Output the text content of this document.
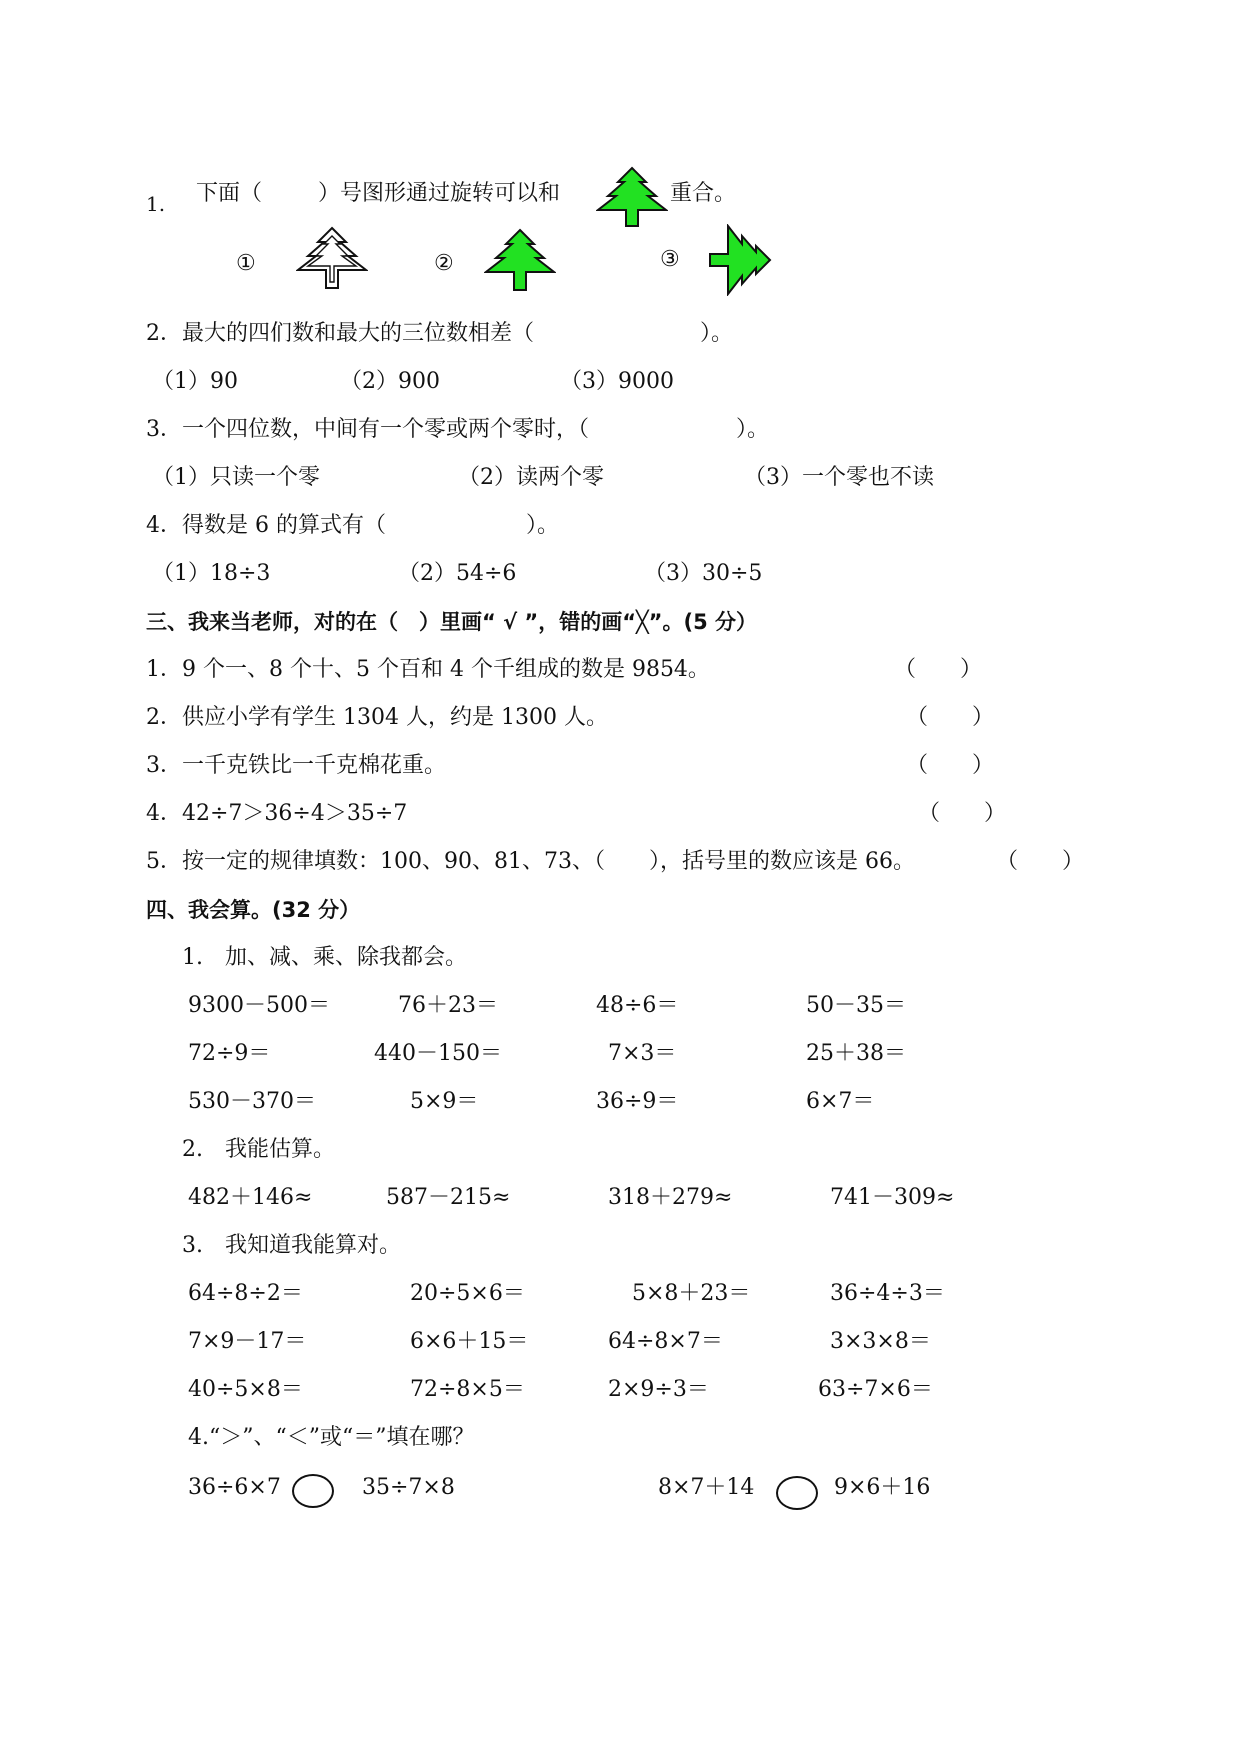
1. 下面（	）号图形通过旋转可以和	重合。
①	②	③
2．最大的四们数和最大的三位数相差（	）。
（1）90	（2）900	（3）9000
3．一个四位数，中间有一个零或两个零时，（	）。
（1）只读一个零	（2）读两个零	（3）一个零也不读
4．得数是 6 的算式有（	）。
（1）18÷3	（2）54÷6	（3）30÷5
三、我来当老师，对的在（　）里画“ √ ”，错的画“╳”。(5 分）
1．9 个一、8 个十、5 个百和 4 个千组成的数是 9854。	（　　）
2．供应小学有学生 1304 人，约是 1300 人。	（　　）
3．一千克铁比一千克棉花重。	（　　）
4．42÷7＞36÷4＞35÷7	（　　）
5．按一定的规律填数：100、90、81、73、（　　），括号里的数应该是 66。	（　　）
四、我会算。(32 分）
1.　加、减、乘、除我都会。
9300－500＝	76＋23＝	48÷6＝	50－35＝
72÷9＝	440－150＝	7×3＝	25＋38＝
530－370＝	5×9＝	36÷9＝	6×7＝
2.　我能估算。
482＋146≈	587－215≈	318＋279≈	741－309≈
3.　我知道我能算对。
64÷8÷2＝	20÷5×6＝	5×8＋23＝	36÷4÷3＝
7×9－17＝	6×6＋15＝	64÷8×7＝	3×3×8＝
40÷5×8＝	72÷8×5＝	2×9÷3＝	63÷7×6＝
4.“＞”、“＜”或“＝”填在哪？
36÷6×7	35÷7×8	8×7＋14	9×6＋16
